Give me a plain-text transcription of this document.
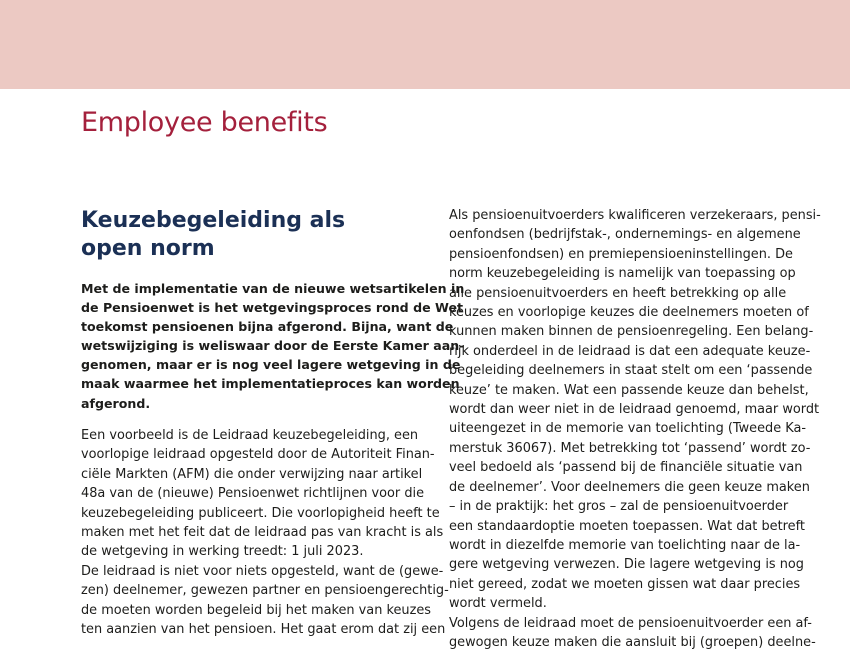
Employee benefits
Keuzebegeleiding als open norm
Met de implementatie van de nieuwe wetsartikelen in
de Pensioenwet is het wetgevingsproces rond de Wet
toekomst pensioenen bijna afgerond. Bijna, want de
wetswijziging is weliswaar door de Eerste Kamer aan-
genomen, maar er is nog veel lagere wetgeving in de
maak waarmee het implementatieproces kan worden
afgerond.
Een voorbeeld is de Leidraad keuzebegeleiding, een
voorlopige leidraad opgesteld door de Autoriteit Finan-
ciële Markten (AFM) die onder verwijzing naar artikel
48a van de (nieuwe) Pensioenwet richtlijnen voor die
keuzebegeleiding publiceert. Die voorlopigheid heeft te
maken met het feit dat de leidraad pas van kracht is als
de wetgeving in werking treedt: 1 juli 2023.
De leidraad is niet voor niets opgesteld, want de (gewe-
zen) deelnemer, gewezen partner en pensioengerechtig-
de moeten worden begeleid bij het maken van keuzes
ten aanzien van het pensioen. Het gaat erom dat zij een
Als pensioenuitvoerders kwalificeren verzekeraars, pensi-
oenfondsen (bedrijfstak-, ondernemings- en algemene
pensioenfondsen) en premiepensioeninstellingen. De
norm keuzebegeleiding is namelijk van toepassing op
alle pensioenuitvoerders en heeft betrekking op alle
keuzes en voorlopige keuzes die deelnemers moeten of
kunnen maken binnen de pensioenregeling. Een belang-
rijk onderdeel in de leidraad is dat een adequate keuze-
begeleiding deelnemers in staat stelt om een ‘passende
keuze’ te maken. Wat een passende keuze dan behelst,
wordt dan weer niet in de leidraad genoemd, maar wordt
uiteengezet in de memorie van toelichting (Tweede Ka-
merstuk 36067). Met betrekking tot ‘passend’ wordt zo-
veel bedoeld als ‘passend bij de financiële situatie van
de deelnemer’. Voor deelnemers die geen keuze maken
– in de praktijk: het gros – zal de pensioenuitvoerder
een standaardoptie moeten toepassen. Wat dat betreft
wordt in diezelfde memorie van toelichting naar de la-
gere wetgeving verwezen. Die lagere wetgeving is nog
niet gereed, zodat we moeten gissen wat daar precies
wordt vermeld.
Volgens de leidraad moet de pensioenuitvoerder een af-
gewogen keuze maken die aansluit bij (groepen) deelne-
